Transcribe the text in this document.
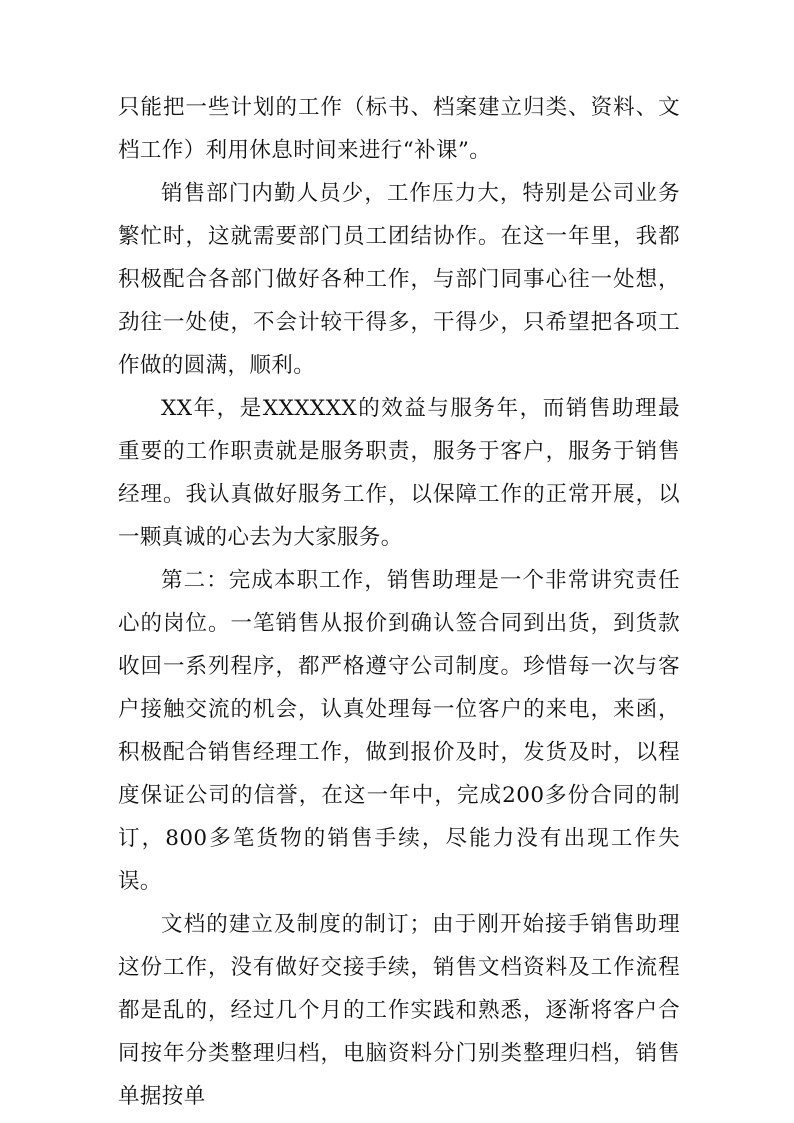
只能把一些计划的工作（标书、档案建立归类、资料、文档工作）利用休息时间来进行“补课”。

销售部门内勤人员少，工作压力大，特别是公司业务繁忙时，这就需要部门员工团结协作。在这一年里，我都积极配合各部门做好各种工作，与部门同事心往一处想，劲往一处使，不会计较干得多，干得少，只希望把各项工作做的圆满，顺利。

XX年，是XXXXXX的效益与服务年，而销售助理最重要的工作职责就是服务职责，服务于客户，服务于销售经理。我认真做好服务工作，以保障工作的正常开展，以一颗真诚的心去为大家服务。

第二：完成本职工作，销售助理是一个非常讲究责任心的岗位。一笔销售从报价到确认签合同到出货，到货款收回一系列程序，都严格遵守公司制度。珍惜每一次与客户接触交流的机会，认真处理每一位客户的来电，来函，积极配合销售经理工作，做到报价及时，发货及时，以程度保证公司的信誉，在这一年中，完成200多份合同的制订，800多笔货物的销售手续，尽能力没有出现工作失误。

文档的建立及制度的制订；由于刚开始接手销售助理这份工作，没有做好交接手续，销售文档资料及工作流程都是乱的，经过几个月的工作实践和熟悉，逐渐将客户合同按年分类整理归档，电脑资料分门别类整理归档，销售单据按单
